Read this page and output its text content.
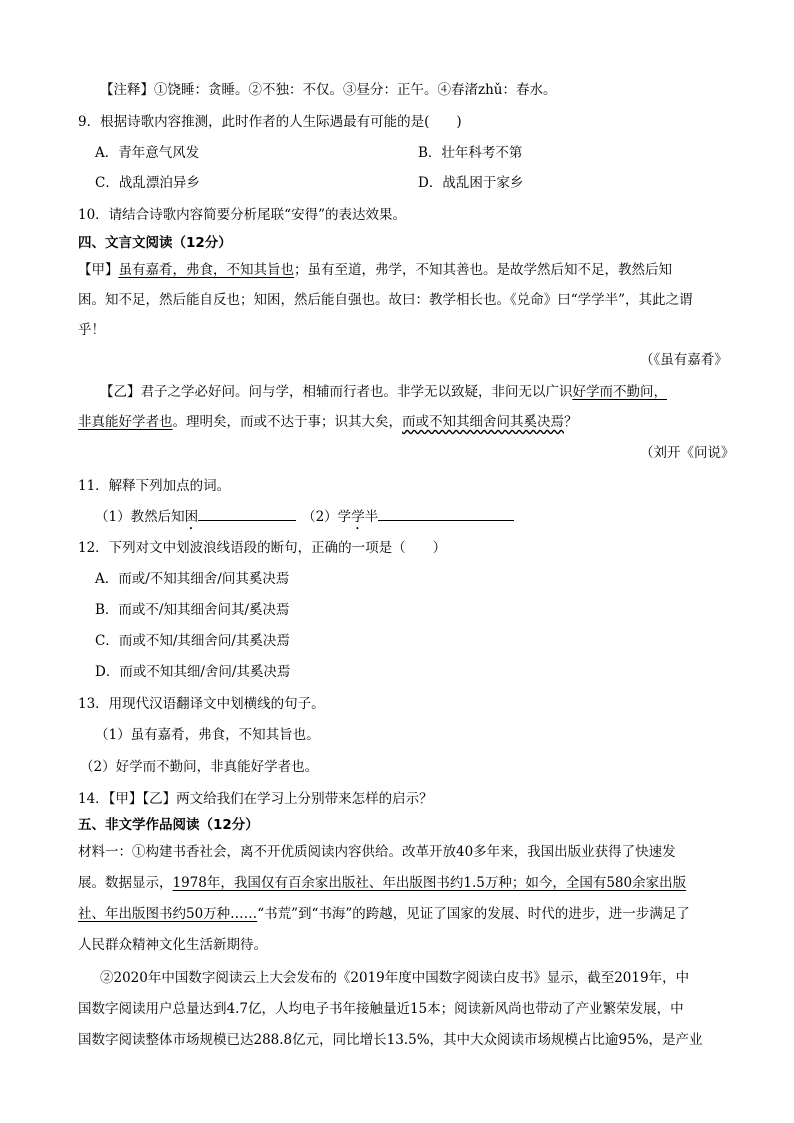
【注释】①饶睡：贪睡。②不独：不仅。③昼分：正午。④春渚zhǔ：春水。
9．根据诗歌内容推测，此时作者的人生际遇最有可能的是(　　)
A．青年意气风发	B．壮年科考不第
C．战乱漂泊异乡	D．战乱困于家乡
10．请结合诗歌内容简要分析尾联“安得”的表达效果。
四、文言文阅读（12分）
【甲】虽有嘉肴，弗食，不知其旨也；虽有至道，弗学，不知其善也。是故学然后知不足，教然后知
困。知不足，然后能自反也；知困，然后能自强也。故曰：教学相长也。《兑命》曰“学学半”，其此之谓
乎！
（《虽有嘉肴》
【乙】君子之学必好问。问与学，相辅而行者也。非学无以致疑，非问无以广识好学而不勤问，
非真能好学者也。理明矣，而或不达于事；识其大矣，而或不知其细舍问其奚决焉？
（刘开《问说》
11．解释下列加点的词。
（1）教然后知困	（2）学学半
12．下列对文中划波浪线语段的断句，正确的一项是（　　）
A．而或/不知其细舍/问其奚决焉
B．而或不/知其细舍问其/奚决焉
C．而或不知/其细舍问/其奚决焉
D．而或不知其细/舍问/其奚决焉
13．用现代汉语翻译文中划横线的句子。
（1）虽有嘉肴，弗食，不知其旨也。
（2）好学而不勤问，非真能好学者也。
14．【甲】【乙】两文给我们在学习上分别带来怎样的启示？
五、非文学作品阅读（12分）
材料一：①构建书香社会，离不开优质阅读内容供给。改革开放40多年来，我国出版业获得了快速发
展。数据显示，1978年，我国仅有百余家出版社、年出版图书约1.5万种；如今，全国有580余家出版
社、年出版图书约50万种……“书荒”到“书海”的跨越，见证了国家的发展、时代的进步，进一步满足了
人民群众精神文化生活新期待。
②2020年中国数字阅读云上大会发布的《2019年度中国数字阅读白皮书》显示，截至2019年，中
国数字阅读用户总量达到4.7亿，人均电子书年接触量近15本；阅读新风尚也带动了产业繁荣发展，中
国数字阅读整体市场规模已达288.8亿元，同比增长13.5%，其中大众阅读市场规模占比逾95%，是产业
